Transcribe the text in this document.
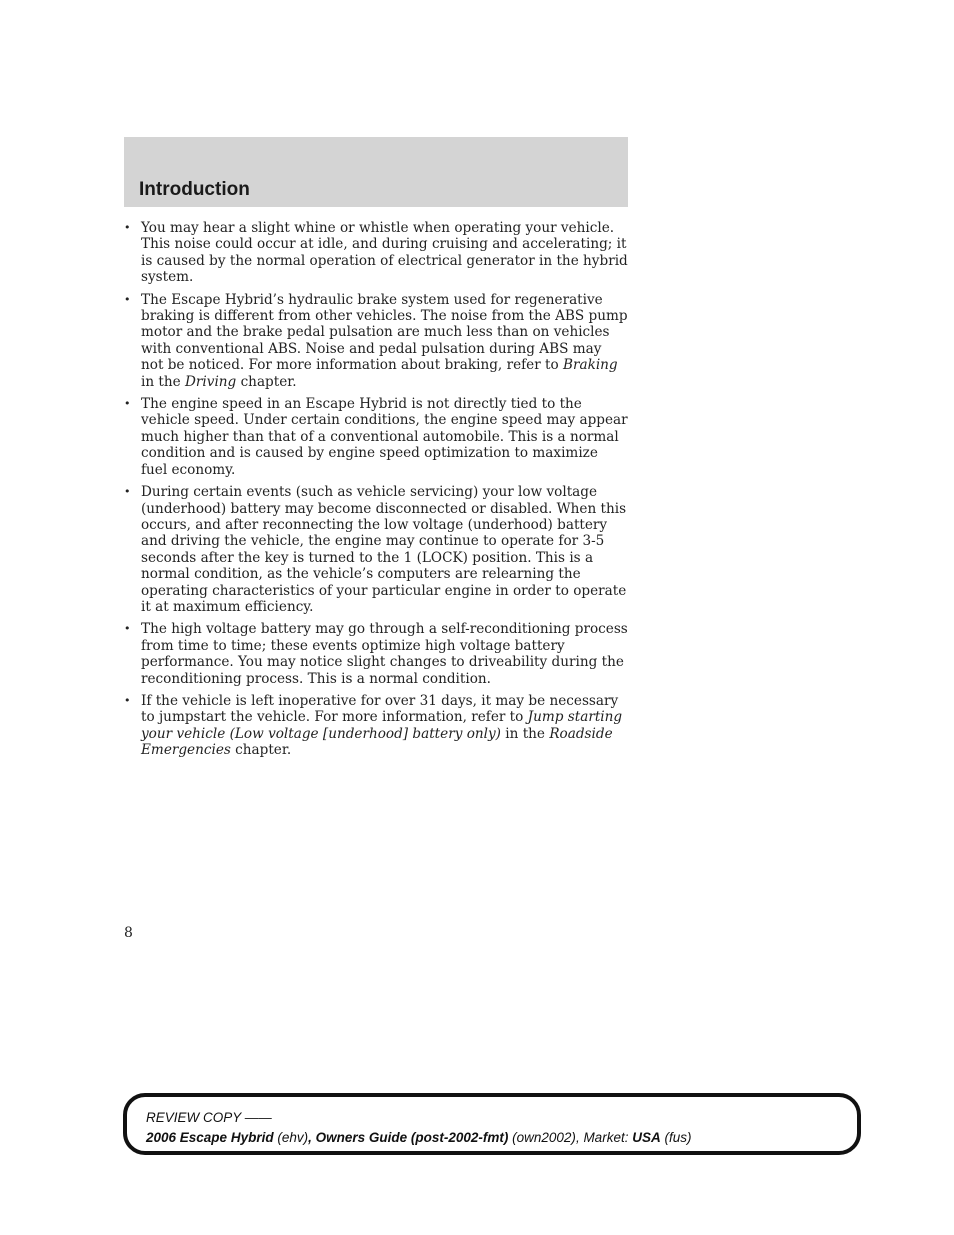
Introduction
• You may hear a slight whine or whistle when operating your vehicle. This noise could occur at idle, and during cruising and accelerating; it is caused by the normal operation of electrical generator in the hybrid system.
• The Escape Hybrid’s hydraulic brake system used for regenerative braking is different from other vehicles. The noise from the ABS pump motor and the brake pedal pulsation are much less than on vehicles with conventional ABS. Noise and pedal pulsation during ABS may not be noticed. For more information about braking, refer to Braking in the Driving chapter.
• The engine speed in an Escape Hybrid is not directly tied to the vehicle speed. Under certain conditions, the engine speed may appear much higher than that of a conventional automobile. This is a normal condition and is caused by engine speed optimization to maximize fuel economy.
• During certain events (such as vehicle servicing) your low voltage (underhood) battery may become disconnected or disabled. When this occurs, and after reconnecting the low voltage (underhood) battery and driving the vehicle, the engine may continue to operate for 3-5 seconds after the key is turned to the 1 (LOCK) position. This is a normal condition, as the vehicle’s computers are relearning the operating characteristics of your particular engine in order to operate it at maximum efficiency.
• The high voltage battery may go through a self-reconditioning process from time to time; these events optimize high voltage battery performance. You may notice slight changes to driveability during the reconditioning process. This is a normal condition.
• If the vehicle is left inoperative for over 31 days, it may be necessary to jumpstart the vehicle. For more information, refer to Jump starting your vehicle (Low voltage [underhood] battery only) in the Roadside Emergencies chapter.
8
REVIEW COPY ——
2006 Escape Hybrid (ehv), Owners Guide (post-2002-fmt) (own2002), Market: USA (fus)
